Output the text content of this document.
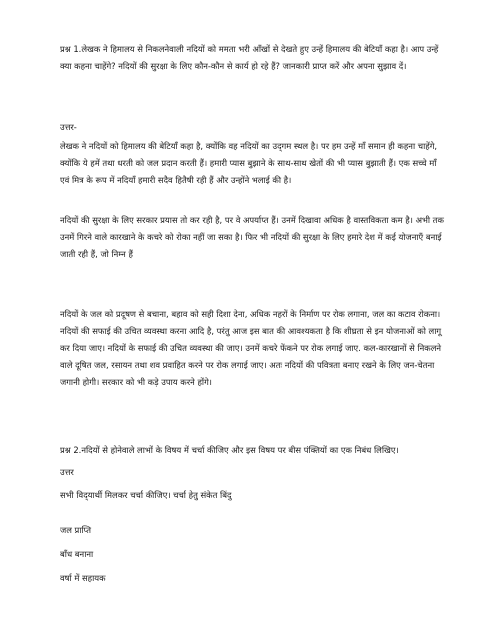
प्रश्न 1.लेखक ने हिमालय से निकलनेवाली नदियों को ममता भरी आँखों से देखते हुए उन्हें हिमालय की बेटियाँ कहा है। आप उन्हें क्या कहना चाहेंगे? नदियों की सुरक्षा के लिए कौन-कौन से कार्य हो रहे हैं? जानकारी प्राप्त करें और अपना सुझाव दें।

उत्तर-

लेखक ने नदियों को हिमालय की बेटियाँ कहा है, क्योंकि वह नदियों का उद्‌गम स्थल है। पर हम उन्हें माँ समान ही कहना चाहेंगे, क्योंकि ये हमें तथा धरती को जल प्रदान करती हैं। हमारी प्यास बुझाने के साथ-साथ खेतों की भी प्यास बुझाती हैं। एक सच्चे माँ एवं मित्र के रूप में नदियाँ हमारी सदैव हितैषी रही हैं और उन्होंने भलाई की है।

नदियों की सुरक्षा के लिए सरकार प्रयास तो कर रही है, पर वे अपर्याप्त हैं। उनमें दिखावा अधिक है वास्तविकता कम है। अभी तक उनमें गिरने वाले कारखाने के कचरे को रोका नहीं जा सका है। फिर भी नदियों की सुरक्षा के लिए हमारे देश में कई योजनाएँ बनाई जाती रही हैं, जो निम्न हैं

नदियों के जल को प्रदूषण से बचाना, बहाव को सही दिशा देना, अधिक नहरों के निर्माण पर रोक लगाना, जल का कटाव रोकना। नदियों की सफाई की उचित व्यवस्था करना आदि है, परंतु आज इस बात की आवश्यकता है कि शीघ्रता से इन योजनाओं को लागू कर दिया जाए। नदियों के सफाई की उचित व्यवस्था की जाए। उनमें कचरे फेंकने पर रोक लगाई जाए. कल-कारखानों से निकलने वाले दूषित जल, रसायन तथा शव प्रवाहित करने पर रोक लगाई जाए। अतः नदियों की पवित्रता बनाए रखने के लिए जन-चेतना जगानी होगी। सरकार को भी कड़े उपाय करने होंगे।

प्रश्न 2.नदियों से होनेवाले लाभों के विषय में चर्चा कीजिए और इस विषय पर बीस पंक्तियों का एक निबंध लिखिए।

उत्तर

सभी विद्‌यार्थी मिलकर चर्चा कीजिए। चर्चा हेतु संकेत बिंदु

जल प्राप्ति

बाँध बनाना

वर्षा में सहायक
